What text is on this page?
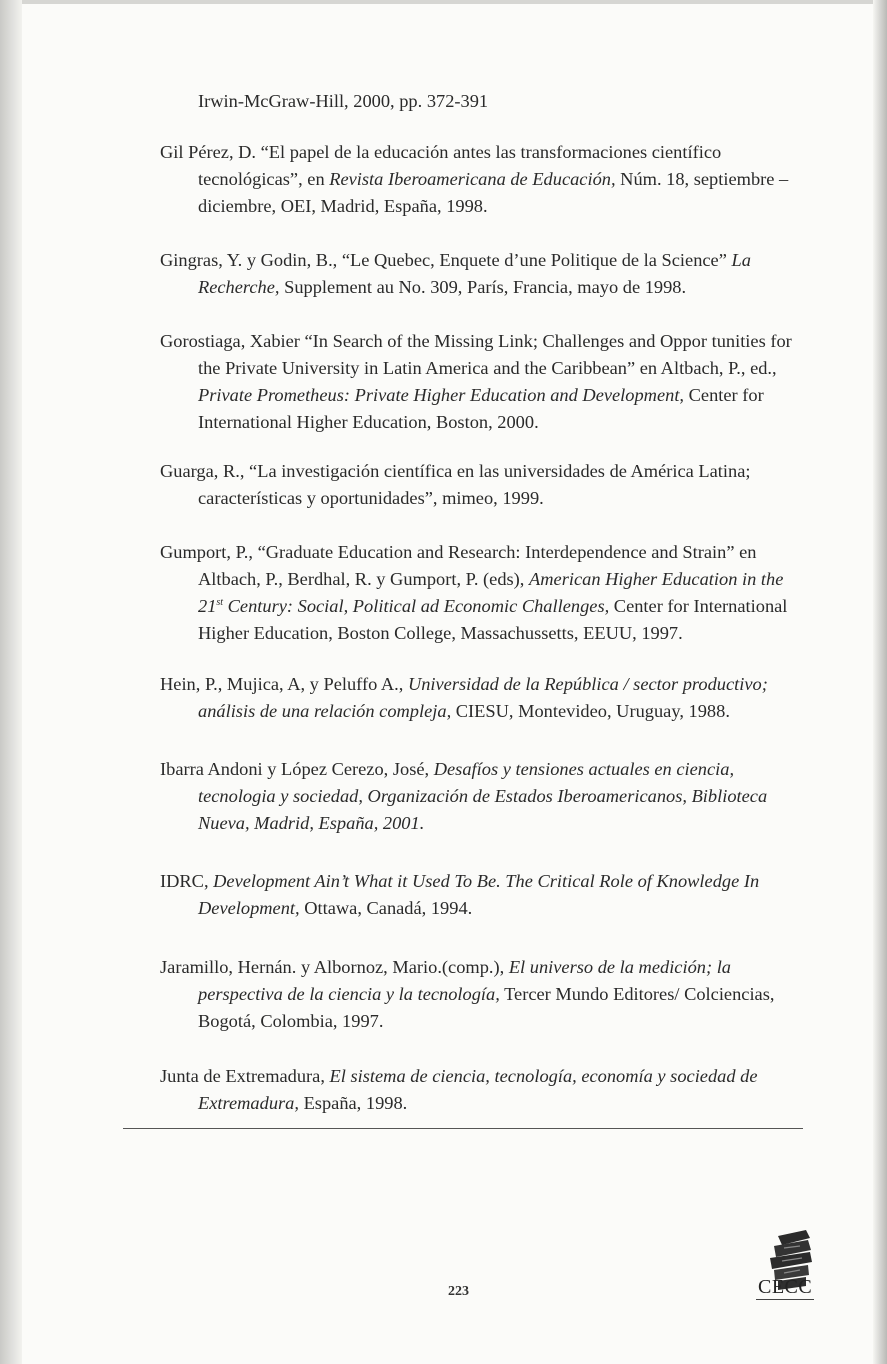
Irwin-McGraw-Hill, 2000, pp. 372-391

Gil Pérez, D. “El papel de la educación antes las transformaciones científico tecnológicas”, en Revista Iberoamericana de Educación, Núm. 18, septiembre – diciembre, OEI, Madrid, España, 1998.

Gingras, Y. y Godin, B., “Le Quebec, Enquete d’une Politique de la Science” La Recherche, Supplement au No. 309, París, Francia, mayo de 1998.

Gorostiaga, Xabier “In Search of the Missing Link; Challenges and Oppor tunities for the Private University in Latin America and the Caribbean” en Altbach, P., ed., Private Prometheus: Private Higher Education and Development, Center for International Higher Education, Boston, 2000.

Guarga, R., “La investigación científica en las universidades de América Latina; características y oportunidades”, mimeo, 1999.

Gumport, P., “Graduate Education and Research: Interdependence and Strain” en Altbach, P., Berdhal, R. y Gumport, P. (eds), American Higher Education in the 21st Century: Social, Political ad Economic Challenges, Center for International Higher Education, Boston College, Massachussetts, EEUU, 1997.

Hein, P., Mujica, A, y Peluffo A., Universidad de la República / sector productivo; análisis de una relación compleja, CIESU, Montevideo, Uruguay, 1988.

Ibarra Andoni y López Cerezo, José, Desafíos y tensiones actuales en ciencia, tecnologia y sociedad, Organización de Estados Iberoamericanos, Biblioteca Nueva, Madrid, España, 2001.

IDRC, Development Ain’t What it Used To Be. The Critical Role of Knowledge In Development, Ottawa, Canadá, 1994.

Jaramillo, Hernán. y Albornoz, Mario.(comp.), El universo de la medición; la perspectiva de la ciencia y la tecnología, Tercer Mundo Editores/ Colciencias, Bogotá, Colombia, 1997.

Junta de Extremadura, El sistema de ciencia, tecnología, economía y sociedad de Extremadura, España, 1998.

223	CECC
